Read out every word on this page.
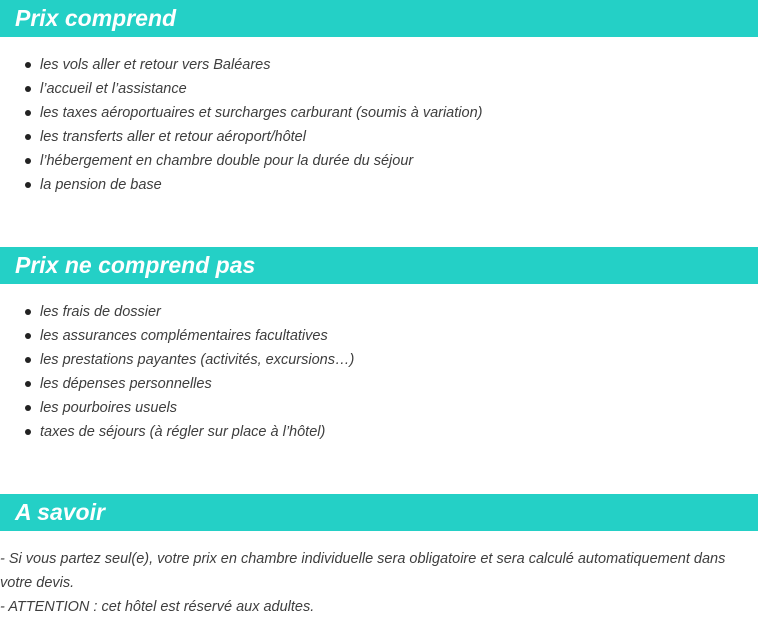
Prix comprend
les vols aller et retour vers Baléares
l’accueil et l’assistance
les taxes aéroportuaires et surcharges carburant (soumis à variation)
les transferts aller et retour aéroport/hôtel
l’hébergement en chambre double pour la durée du séjour
la pension de base
Prix ne comprend pas
les frais de dossier
les assurances complémentaires facultatives
les prestations payantes (activités, excursions…)
les dépenses personnelles
les pourboires usuels
taxes de séjours (à régler sur place à l’hôtel)
A savoir

- Si vous partez seul(e), votre prix en chambre individuelle sera obligatoire et sera calculé automatiquement dans votre devis.

- ATTENTION : cet hôtel est réservé aux adultes.
